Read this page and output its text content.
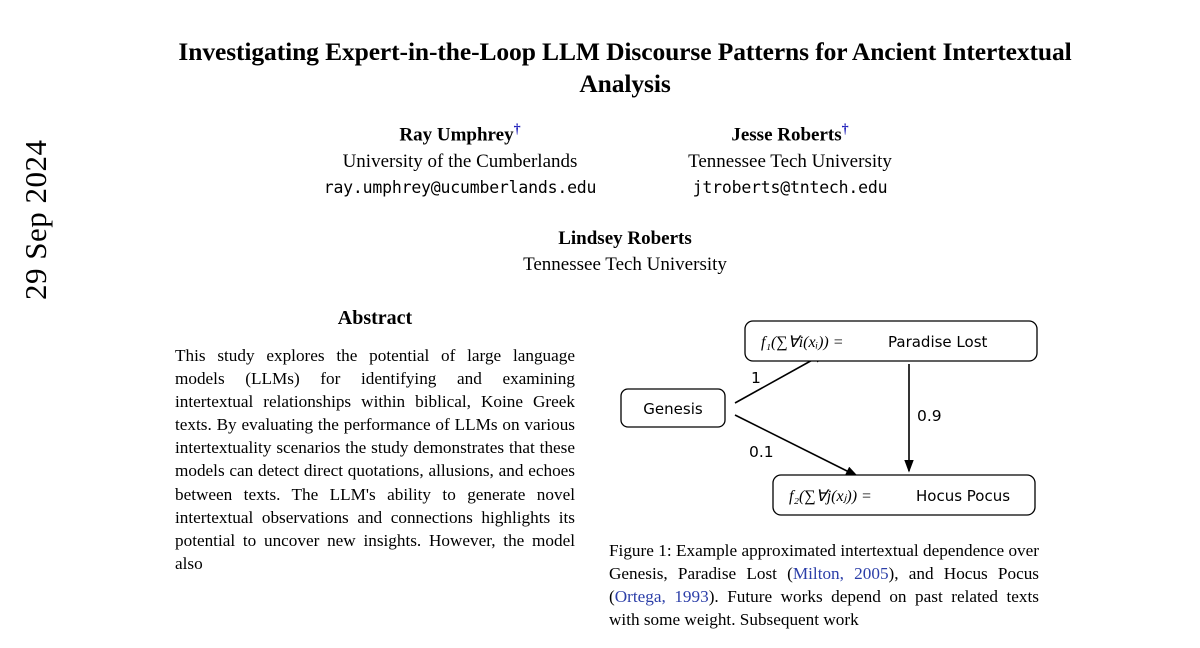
29 Sep 2024
Investigating Expert-in-the-Loop LLM Discourse Patterns for Ancient Intertextual Analysis
Ray Umphrey†
University of the Cumberlands
ray.umphrey@ucumberlands.edu
Jesse Roberts†
Tennessee Tech University
jtroberts@tntech.edu
Lindsey Roberts
Tennessee Tech University
Abstract
This study explores the potential of large language models (LLMs) for identifying and examining intertextual relationships within biblical, Koine Greek texts. By evaluating the performance of LLMs on various intertextuality scenarios the study demonstrates that these models can detect direct quotations, allusions, and echoes between texts. The LLM's ability to generate novel intertextual observations and connections highlights its potential to uncover new insights. However, the model also
Genesis
f₁(∑∀i(xᵢ)) =	Paradise Lost
f₂(∑∀j(xⱼ)) =	Hocus Pocus
1
0.1
0.9
Figure 1: Example approximated intertextual dependence over Genesis, Paradise Lost (Milton, 2005), and Hocus Pocus (Ortega, 1993). Future works depend on past related texts with some weight. Subsequent work
